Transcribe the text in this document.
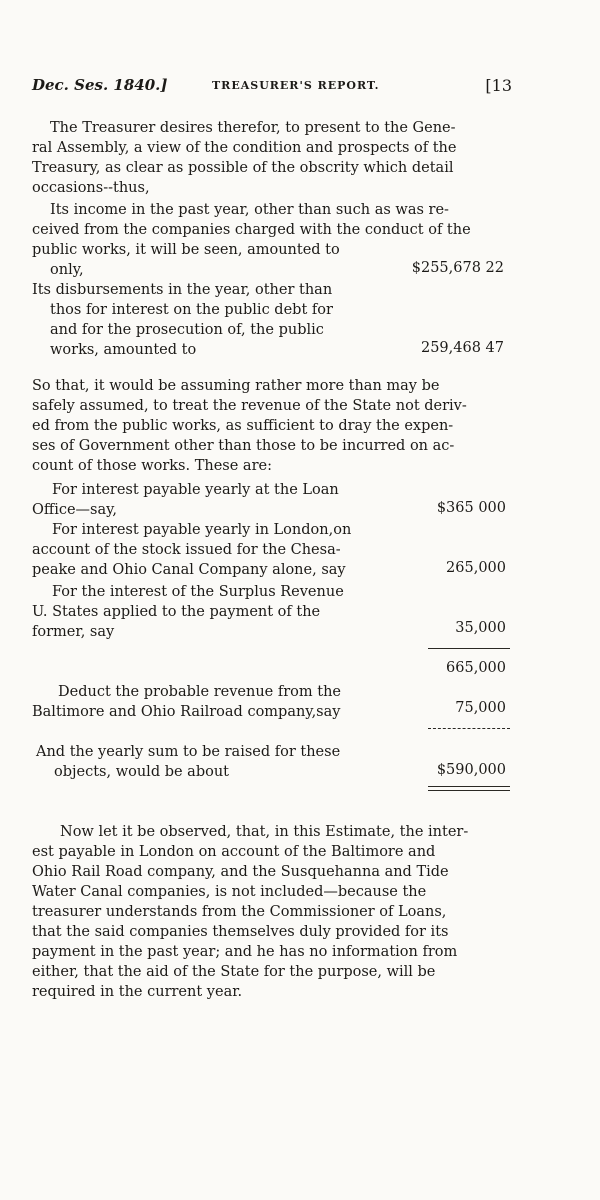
Dec. Ses. 1840.]	TREASURER'S REPORT.	[13
The Treasurer desires therefor, to present to the Gene-
ral Assembly, a view of the condition and prospects of the
Treasury, as clear as possible of the obscrity which detail
occasions--thus,
Its income in the past year, other than such as was re-
ceived from the companies charged with the conduct of the
public works, it will be seen, amounted to
only,	$255,678 22
Its disbursements in the year, other than
thos for interest on the public debt for
and for the prosecution of, the public
works, amounted to	259,468 47
So that, it would be assuming rather more than may be
safely assumed, to treat the revenue of the State not deriv-
ed from the public works, as sufficient to dray the expen-
ses of Government other than those to be incurred on ac-
count of those works. These are:
For interest payable yearly at the Loan
Office—say,	$365 000
For interest payable yearly in London,on
account of the stock issued for the Chesa-
peake and Ohio Canal Company alone, say	265,000
For the interest of the Surplus Revenue
U. States applied to the payment of the
former, say	35,000
665,000
Deduct the probable revenue from the
Baltimore and Ohio Railroad company,say	75,000
And the yearly sum to be raised for these
objects, would be about	$590,000
Now let it be observed, that, in this Estimate, the inter-
est payable in London on account of the Baltimore and
Ohio Rail Road company, and the Susquehanna and Tide
Water Canal companies, is not included—because the
treasurer understands from the Commissioner of Loans,
that the said companies themselves duly provided for its
payment in the past year; and he has no information from
either, that the aid of the State for the purpose, will be
required in the current year.
